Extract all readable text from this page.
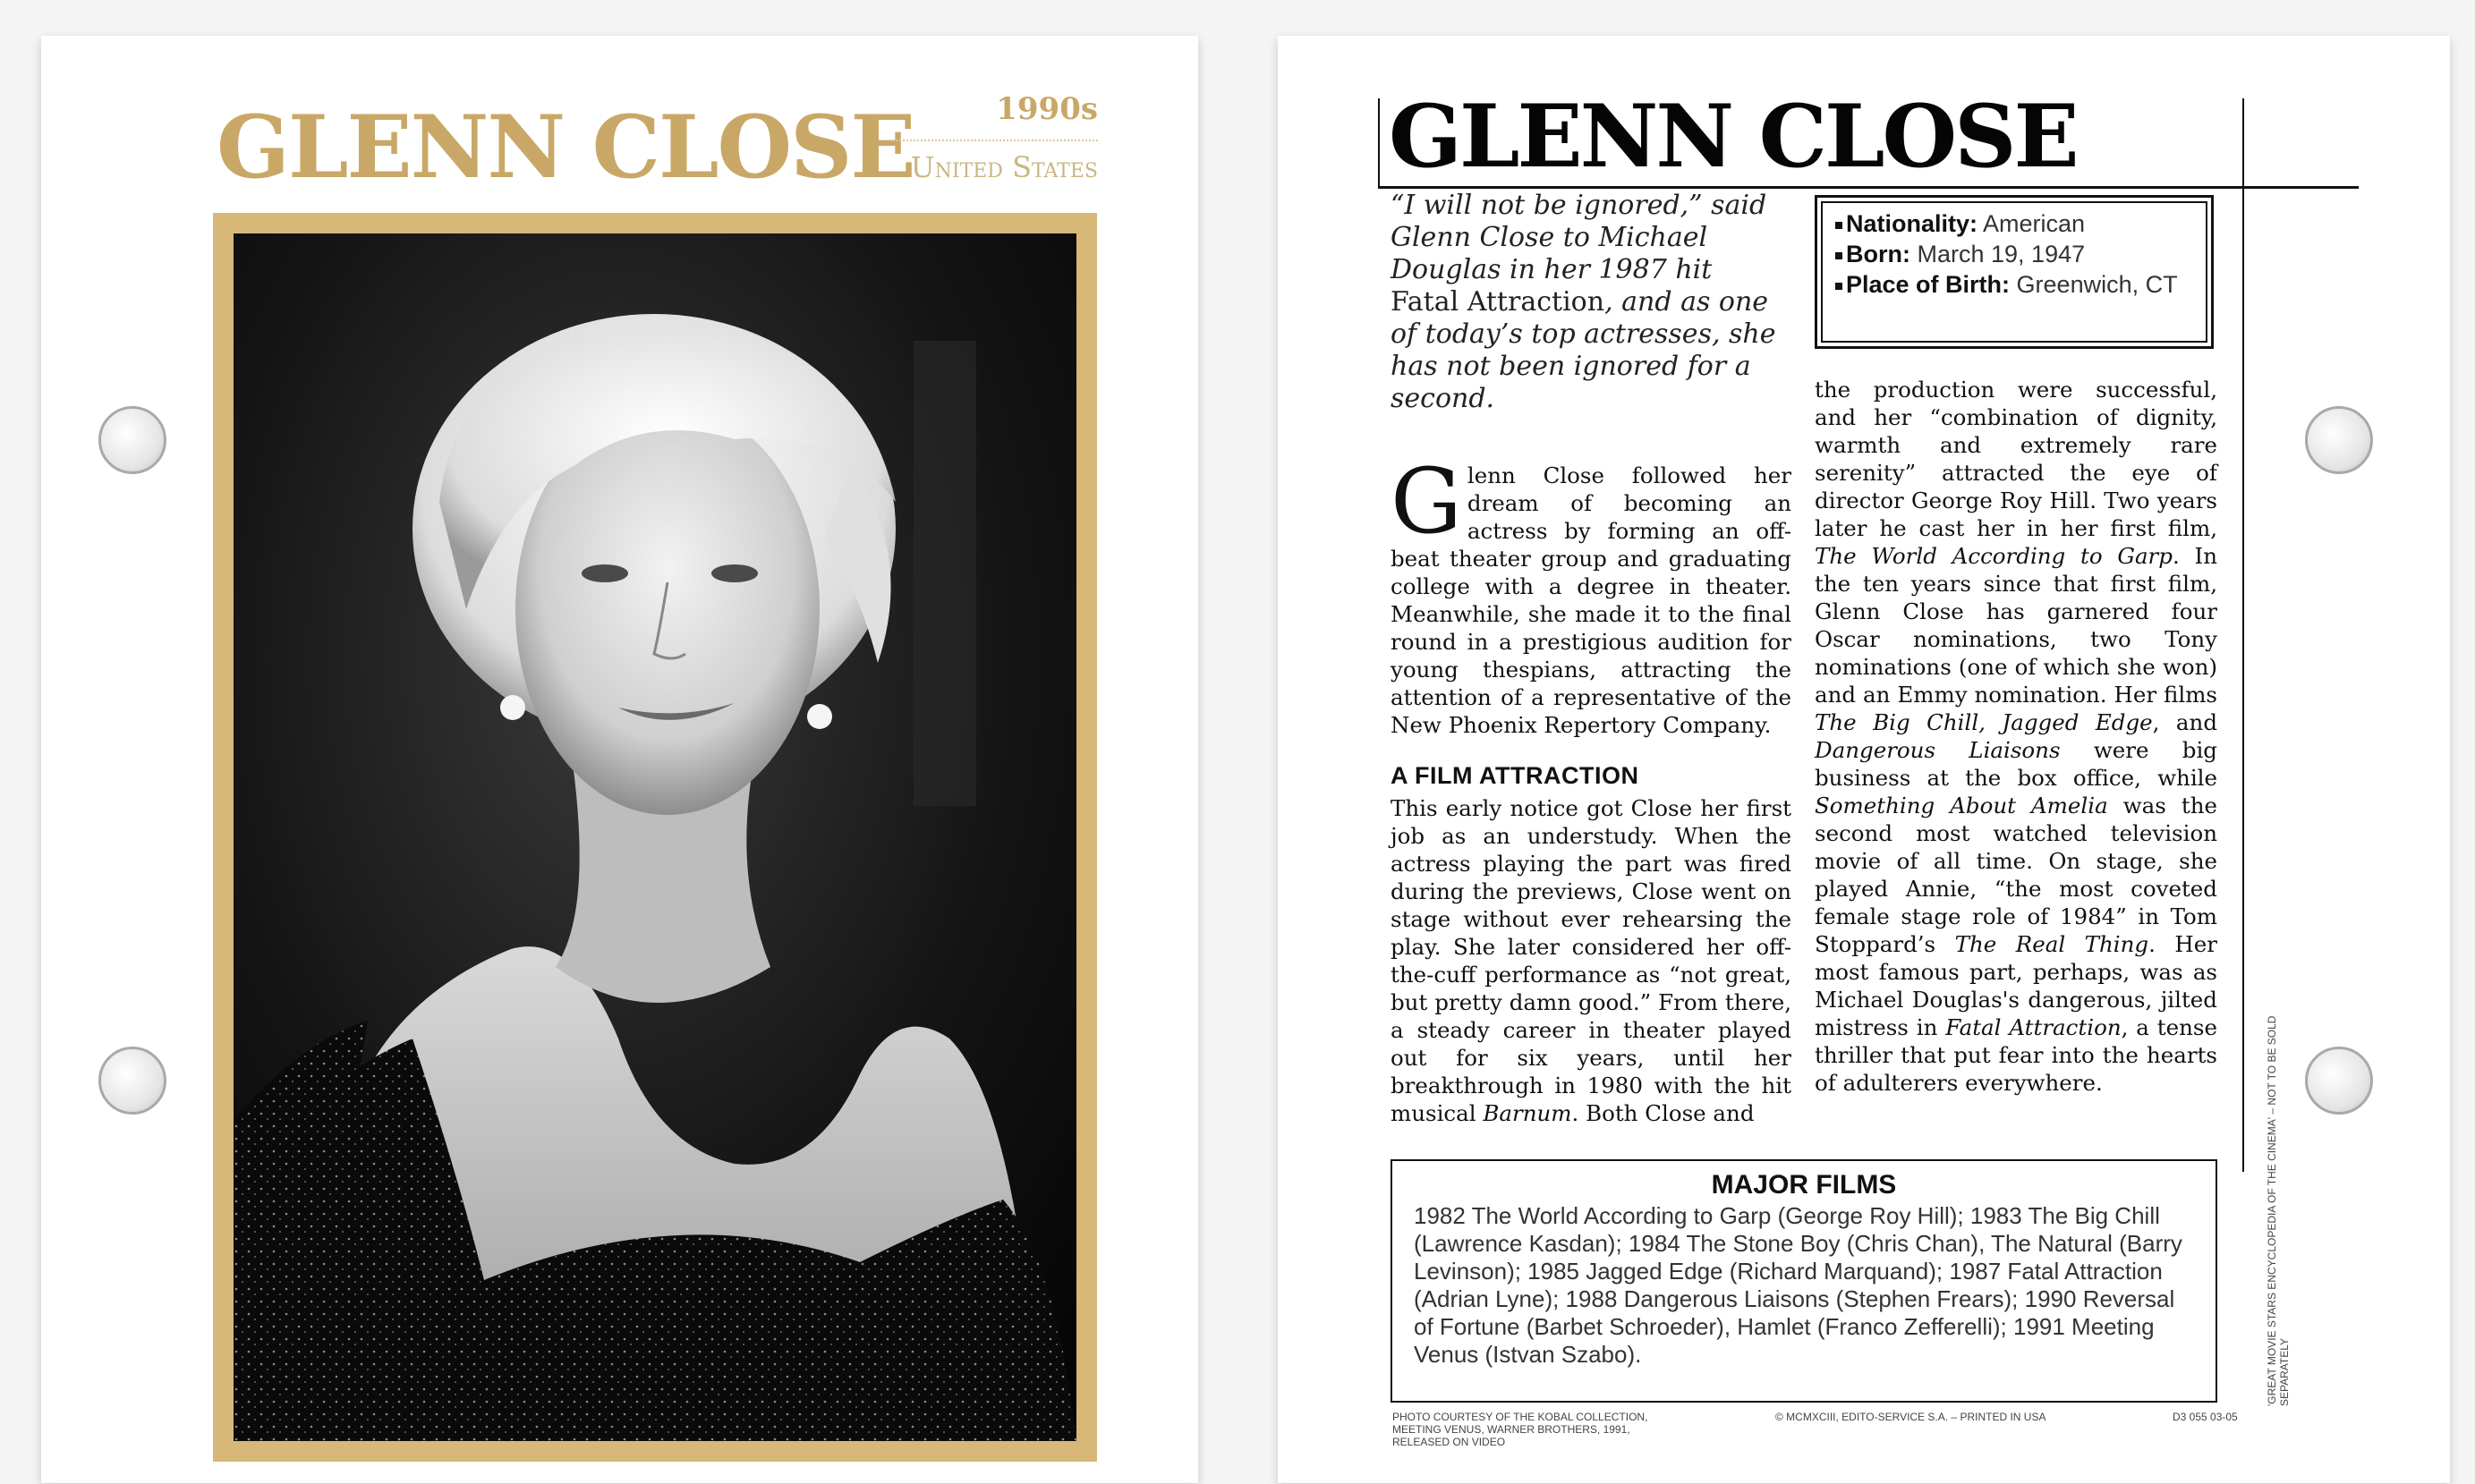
GLENN CLOSE	1990s
United States	GLENN CLOSE
“I will not be ignored,” said Glenn Close to Michael Douglas in her 1987 hit Fatal Attraction, and as one of today’s top actresses, she has not been ignored for a second.
Nationality: American
Born: March 19, 1947
Place of Birth: Greenwich, CT
Glenn Close followed her dream of becoming an actress by forming an off-beat theater group and graduating college with a degree in theater. Meanwhile, she made it to the final round in a prestigious audition for young thespians, attracting the attention of a representative of the New Phoenix Repertory Company.
A FILM ATTRACTION
This early notice got Close her first job as an understudy. When the actress playing the part was fired during the previews, Close went on stage without ever rehearsing the play. She later considered her off-the-cuff performance as “not great, but pretty damn good.” From there, a steady career in theater played out for six years, until her breakthrough in 1980 with the hit musical Barnum. Both Close and
the production were successful, and her “combination of dignity, warmth and extremely rare serenity” attracted the eye of director George Roy Hill. Two years later he cast her in her first film, The World According to Garp. In the ten years since that first film, Glenn Close has garnered four Oscar nominations, two Tony nominations (one of which she won) and an Emmy nomination. Her films The Big Chill, Jagged Edge, and Dangerous Liaisons were big business at the box office, while Something About Amelia was the second most watched television movie of all time. On stage, she played Annie, “the most coveted female stage role of 1984” in Tom Stoppard’s The Real Thing. Her most famous part, perhaps, was as Michael Douglas's dangerous, jilted mistress in Fatal Attraction, a tense thriller that put fear into the hearts of adulterers everywhere.
MAJOR FILMS
1982 The World According to Garp (George Roy Hill); 1983 The Big Chill (Lawrence Kasdan); 1984 The Stone Boy (Chris Chan), The Natural (Barry Levinson); 1985 Jagged Edge (Richard Marquand); 1987 Fatal Attraction (Adrian Lyne); 1988 Dangerous Liaisons (Stephen Frears); 1990 Reversal of Fortune (Barbet Schroeder), Hamlet (Franco Zefferelli); 1991 Meeting Venus (Istvan Szabo).
PHOTO COURTESY OF THE KOBAL COLLECTION, MEETING VENUS, WARNER BROTHERS, 1991, RELEASED ON VIDEO
© MCMXCIII, EDITO-SERVICE S.A. – PRINTED IN USA	D3 055 03-05
'GREAT MOVIE STARS ENCYCLOPEDIA OF THE CINEMA' – NOT TO BE SOLD SEPARATELY
